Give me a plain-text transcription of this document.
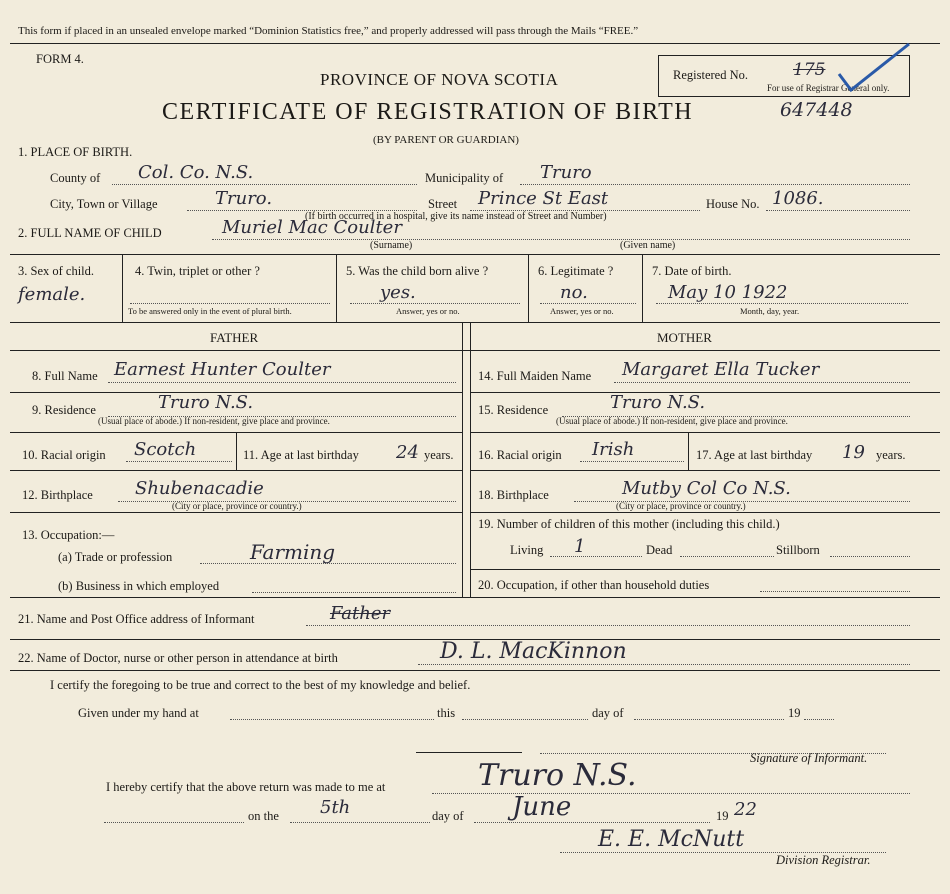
This form if placed in an unsealed envelope marked “Dominion Statistics free,” and properly addressed will pass through the Mails “FREE.”
FORM 4.
Registered No.	175
For use of Registrar General only.
PROVINCE OF NOVA SCOTIA
CERTIFICATE OF REGISTRATION OF BIRTH	647448
(BY PARENT OR GUARDIAN)
1. PLACE OF BIRTH.
County of Col. Co. N.S.	Municipality of Truro
City, Town or Village	Truro.	Street Prince St East	House No. 1086.
(If birth occurred in a hospital, give its name instead of Street and Number)
2. FULL NAME OF CHILD	Muriel Mac Coulter
(Surname)	(Given name)
3. Sex of child.
female.
4. Twin, triplet or other ?
To be answered only in the event of plural birth.
5. Was the child born alive ?
yes.
Answer, yes or no.
6. Legitimate ?
no.
Answer, yes or no.
7. Date of birth.
May 10 1922
Month, day, year.
FATHER	MOTHER
8. Full Name Earnest Hunter Coulter
9. Residence	Truro N.S.
(Usual place of abode.) If non-resident, give place and province.
10. Racial origin Scotch	11. Age at last birthday 24 years.
12. Birthplace Shubenacadie
(City or place, province or country.)
13. Occupation:—
(a) Trade or profession	Farming
(b) Business in which employed
14. Full Maiden Name Margaret Ella Tucker
15. Residence	Truro N.S.
(Usual place of abode.) If non-resident, give place and province.
16. Racial origin Irish	17. Age at last birthday 19 years.
18. Birthplace	Mutby Col Co N.S.
(City or place, province or country.)
19. Number of children of this mother (including this child.)
Living 1	Dead	Stillborn
20. Occupation, if other than household duties
21. Name and Post Office address of Informant	Father
22. Name of Doctor, nurse or other person in attendance at birth	D. L. MacKinnon
I certify the foregoing to be true and correct to the best of my knowledge and belief.
Given under my hand at	this	day of	19
Signature of Informant.
I hereby certify that the above return was made to me at	Truro N.S.
on the 5th	day of June	19 22
E. E. McNutt
Division Registrar.
